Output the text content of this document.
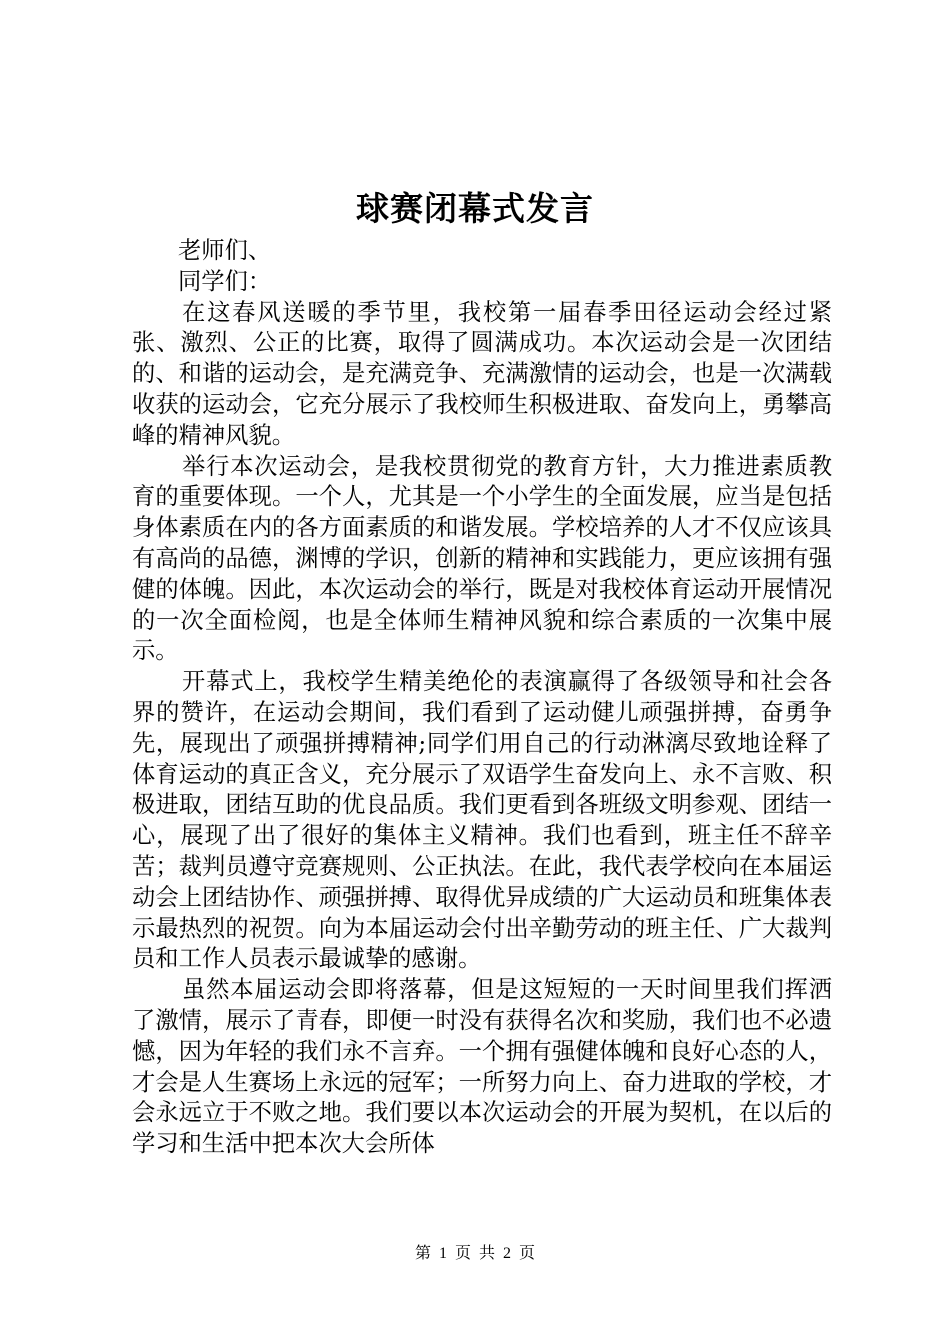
球赛闭幕式发言

老师们、

同学们：

在这春风送暖的季节里，我校第一届春季田径运动会经过紧张、激烈、公正的比赛，取得了圆满成功。本次运动会是一次团结的、和谐的运动会，是充满竞争、充满激情的运动会，也是一次满载收获的运动会，它充分展示了我校师生积极进取、奋发向上，勇攀高峰的精神风貌。

举行本次运动会，是我校贯彻党的教育方针，大力推进素质教育的重要体现。一个人，尤其是一个小学生的全面发展，应当是包括身体素质在内的各方面素质的和谐发展。学校培养的人才不仅应该具有高尚的品德，渊博的学识，创新的精神和实践能力，更应该拥有强健的体魄。因此，本次运动会的举行，既是对我校体育运动开展情况的一次全面检阅，也是全体师生精神风貌和综合素质的一次集中展示。

开幕式上，我校学生精美绝伦的表演赢得了各级领导和社会各界的赞许，在运动会期间，我们看到了运动健儿顽强拼搏，奋勇争先，展现出了顽强拼搏精神;同学们用自己的行动淋漓尽致地诠释了体育运动的真正含义，充分展示了双语学生奋发向上、永不言败、积极进取，团结互助的优良品质。我们更看到各班级文明参观、团结一心，展现了出了很好的集体主义精神。我们也看到，班主任不辞辛苦；裁判员遵守竞赛规则、公正执法。在此，我代表学校向在本届运动会上团结协作、顽强拼搏、取得优异成绩的广大运动员和班集体表示最热烈的祝贺。向为本届运动会付出辛勤劳动的班主任、广大裁判员和工作人员表示最诚挚的感谢。

虽然本届运动会即将落幕，但是这短短的一天时间里我们挥洒了激情，展示了青春，即便一时没有获得名次和奖励，我们也不必遗憾，因为年轻的我们永不言弃。一个拥有强健体魄和良好心态的人，才会是人生赛场上永远的冠军；一所努力向上、奋力进取的学校，才会永远立于不败之地。我们要以本次运动会的开展为契机，在以后的学习和生活中把本次大会所体

第 1 页 共 2 页
